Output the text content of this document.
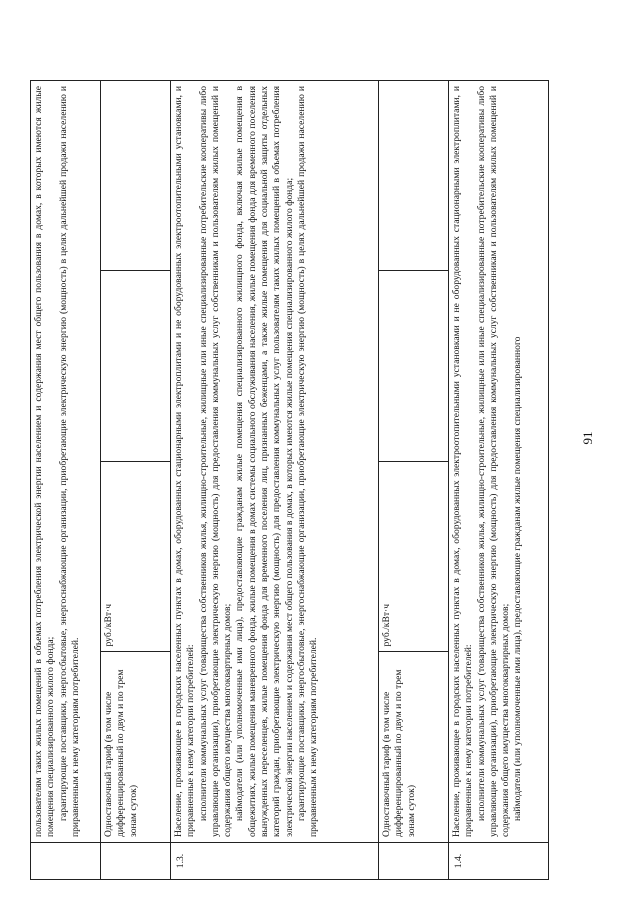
91

	пользователям таких жилых помещений в объемах потребления электрической энергии населением и содержания мест общего пользования в домах, в которых имеются жилые помещения специализированного жилого фонда; гарантирующие поставщики, энергосбытовые, энергоснабжающие организации, приобретающие электрическую энергию (мощность) в целях дальнейшей продажи населению и приравненным к нему категориям потребителей.			

	Одноставочный тариф (в том числе дифференцированный по двум и по трем зонам суток)	руб./кВт·ч		
1.3.	Население, проживающее в городских населенных пунктах в домах, оборудованных стационарными электроплитами и не оборудованных электроотопительными установками, и приравненные к нему категории потребителей: исполнители коммунальных услуг (товарищества собственников жилья, жилищно-строительные, жилищные или иные специализированные потребительские кооперативы либо управляющие организации), приобретающие электрическую энергию (мощность) для предоставления коммунальных услуг собственникам и пользователям жилых помещений и содержания общего имущества многоквартирных домов; наймодатели (или уполномоченные ими лица), предоставляющие гражданам жилые помещения специализированного жилищного фонда, включая жилые помещения в общежитиях, жилые помещения маневренного фонда, жилые помещения в домах системы социального обслуживания населения, жилые помещения фонда для временного поселения вынужденных переселенцев, жилые помещения фонда для временного поселения лиц, признанных беженцами, а также жилые помещения для социальной защиты отдельных категорий граждан, приобретающие электрическую энергию (мощность) для предоставления коммунальных услуг пользователям таких жилых помещений в объемах потребления электрической энергии населением и содержания мест общего пользования в домах, в которых имеются жилые помещения специализированного жилого фонда; гарантирующие поставщики, энергосбытовые, энергоснабжающие организации, приобретающие электрическую энергию (мощность) в целях дальнейшей продажи населению и приравненным к нему категориям потребителей.			

	Одноставочный тариф (в том числе дифференцированный по двум и по трем зонам суток)	руб./кВт·ч		
1.4.	Население, проживающее в городских населенных пунктах в домах, оборудованных электроотопительными установками и не оборудованных стационарными электроплитами, и приравненные к нему категории потребителей: исполнители коммунальных услуг (товарищества собственников жилья, жилищно-строительные, жилищные или иные специализированные потребительские кооперативы либо управляющие организации), приобретающие электрическую энергию (мощность) для предоставления коммунальных услуг собственникам и пользователям жилых помещений и содержания общего имущества многоквартирных домов; наймодатели (или уполномоченные ими лица), предоставляющие гражданам жилые помещения специализированного			
